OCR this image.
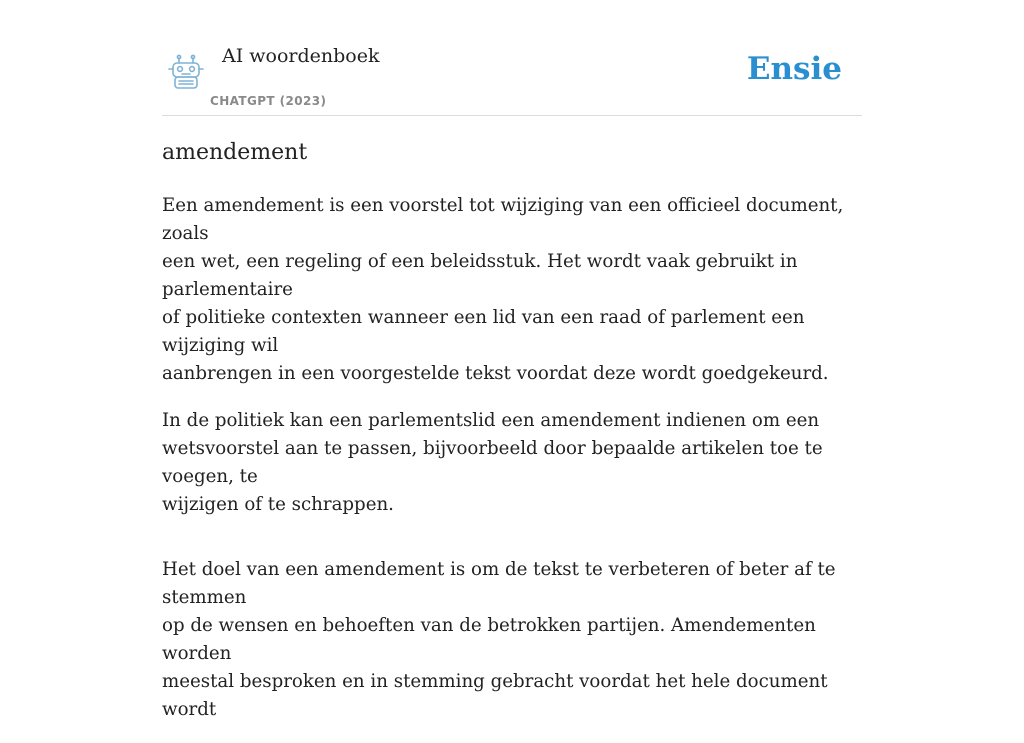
AI woordenboek
CHATGPT (2023)
Ensie
amendement

Een amendement is een voorstel tot wijziging van een officieel document, zoals
een wet, een regeling of een beleidsstuk. Het wordt vaak gebruikt in parlementaire
of politieke contexten wanneer een lid van een raad of parlement een wijziging wil
aanbrengen in een voorgestelde tekst voordat deze wordt goedgekeurd.

In de politiek kan een parlementslid een amendement indienen om een
wetsvoorstel aan te passen, bijvoorbeeld door bepaalde artikelen toe te voegen, te
wijzigen of te schrappen.

Het doel van een amendement is om de tekst te verbeteren of beter af te stemmen
op de wensen en behoeften van de betrokken partijen. Amendementen worden
meestal besproken en in stemming gebracht voordat het hele document wordt
